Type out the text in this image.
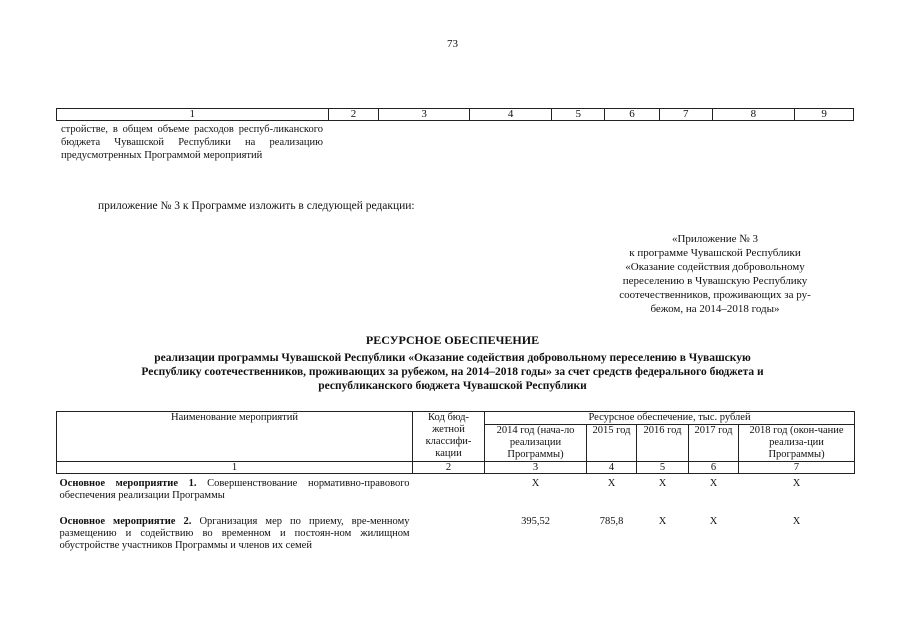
73
1	2	3	4	5	6	7	8	9
стройствe, в общем объеме расходов респуб-ликанского бюджета Чувашской Республики на реализацию предусмотренных Программой мероприятий
приложение № 3 к Программе изложить в следующей редакции:
«Приложение № 3
к программе Чувашской Республики
«Оказание содействия добровольному
переселению в Чувашскую Республику
соотечественников, проживающих за ру-
бежом, на 2014–2018 годы»
РЕСУРСНОЕ ОБЕСПЕЧЕНИЕ
реализации программы Чувашской Республики «Оказание содействия добровольному переселению в Чувашскую
Республику соотечественников, проживающих за рубежом, на 2014–2018 годы» за счет средств федерального бюджета и
республиканского бюджета Чувашской Республики
Наименование мероприятий	Код бюд-жетной классифи-кации	Ресурсное обеспечение, тыс. рублей				
		2014 год (нача-ло реализации Программы)	2015 год	2016 год	2017 год	2018 год (окон-чание реализа-ции Программы)
1	2	3	4	5	6	7
Основное мероприятие 1. Совершенствование нормативно-правового обеспечения реализации Программы		Х	Х	Х	Х	Х
Основное мероприятие 2. Организация мер по приему, вре-менному размещению и содействию во временном и постоян-ном жилищном обустройстве участников Программы и членов их семей		395,52	785,8	Х	Х	Х
